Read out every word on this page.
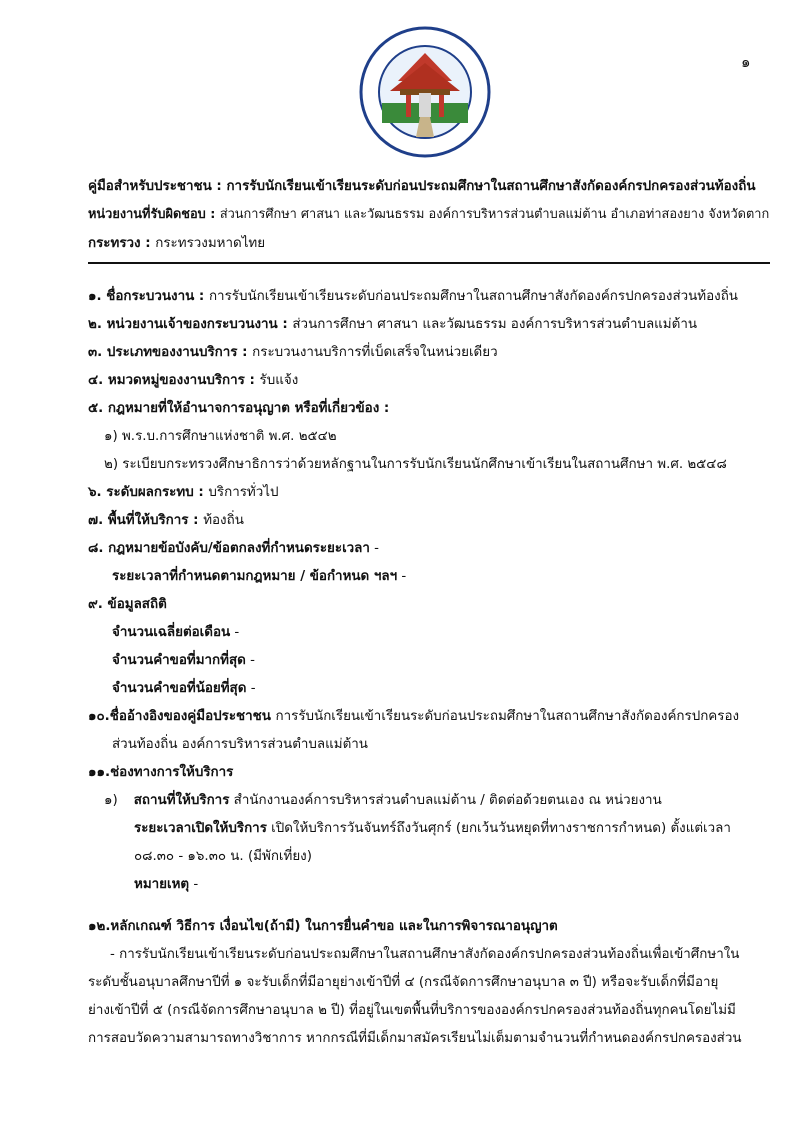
๑
คู่มือสำหรับประชาชน : การรับนักเรียนเข้าเรียนระดับก่อนประถมศึกษาในสถานศึกษาสังกัดองค์กรปกครองส่วนท้องถิ่น
หน่วยงานที่รับผิดชอบ : ส่วนการศึกษา ศาสนา และวัฒนธรรม องค์การบริหารส่วนตำบลแม่ต้าน อำเภอท่าสองยาง จังหวัดตาก
กระทรวง : กระทรวงมหาดไทย
๑. ชื่อกระบวนงาน : การรับนักเรียนเข้าเรียนระดับก่อนประถมศึกษาในสถานศึกษาสังกัดองค์กรปกครองส่วนท้องถิ่น
๒. หน่วยงานเจ้าของกระบวนงาน : ส่วนการศึกษา ศาสนา และวัฒนธรรม องค์การบริหารส่วนตำบลแม่ต้าน
๓. ประเภทของงานบริการ : กระบวนงานบริการที่เบ็ดเสร็จในหน่วยเดียว
๔. หมวดหมู่ของงานบริการ : รับแจ้ง
๕. กฎหมายที่ให้อำนาจการอนุญาต หรือที่เกี่ยวข้อง :
๑) พ.ร.บ.การศึกษาแห่งชาติ พ.ศ. ๒๕๔๒
๒) ระเบียบกระทรวงศึกษาธิการว่าด้วยหลักฐานในการรับนักเรียนนักศึกษาเข้าเรียนในสถานศึกษา พ.ศ. ๒๕๔๘
๖. ระดับผลกระทบ : บริการทั่วไป
๗. พื้นที่ให้บริการ : ท้องถิ่น
๘. กฎหมายข้อบังคับ/ข้อตกลงที่กำหนดระยะเวลา -
ระยะเวลาที่กำหนดตามกฎหมาย / ข้อกำหนด ฯลฯ -
๙. ข้อมูลสถิติ
จำนวนเฉลี่ยต่อเดือน -
จำนวนคำขอที่มากที่สุด -
จำนวนคำขอที่น้อยที่สุด -
๑๐.ชื่ออ้างอิงของคู่มือประชาชน การรับนักเรียนเข้าเรียนระดับก่อนประถมศึกษาในสถานศึกษาสังกัดองค์กรปกครอง
ส่วนท้องถิ่น องค์การบริหารส่วนตำบลแม่ต้าน
๑๑.ช่องทางการให้บริการ
๑) สถานที่ให้บริการ สำนักงานองค์การบริหารส่วนตำบลแม่ต้าน / ติดต่อด้วยตนเอง ณ หน่วยงาน
ระยะเวลาเปิดให้บริการ เปิดให้บริการวันจันทร์ถึงวันศุกร์ (ยกเว้นวันหยุดที่ทางราชการกำหนด) ตั้งแต่เวลา
๐๘.๓๐ - ๑๖.๓๐ น. (มีพักเที่ยง)
หมายเหตุ -
๑๒.หลักเกณฑ์ วิธีการ เงื่อนไข(ถ้ามี) ในการยื่นคำขอ และในการพิจารณาอนุญาต
- การรับนักเรียนเข้าเรียนระดับก่อนประถมศึกษาในสถานศึกษาสังกัดองค์กรปกครองส่วนท้องถิ่นเพื่อเข้าศึกษาใน
ระดับชั้นอนุบาลศึกษาปีที่ ๑ จะรับเด็กที่มีอายุย่างเข้าปีที่ ๔ (กรณีจัดการศึกษาอนุบาล ๓ ปี) หรือจะรับเด็กที่มีอายุ
ย่างเข้าปีที่ ๕ (กรณีจัดการศึกษาอนุบาล ๒ ปี) ที่อยู่ในเขตพื้นที่บริการขององค์กรปกครองส่วนท้องถิ่นทุกคนโดยไม่มี
การสอบวัดความสามารถทางวิชาการ หากกรณีที่มีเด็กมาสมัครเรียนไม่เต็มตามจำนวนที่กำหนดองค์กรปกครองส่วน
